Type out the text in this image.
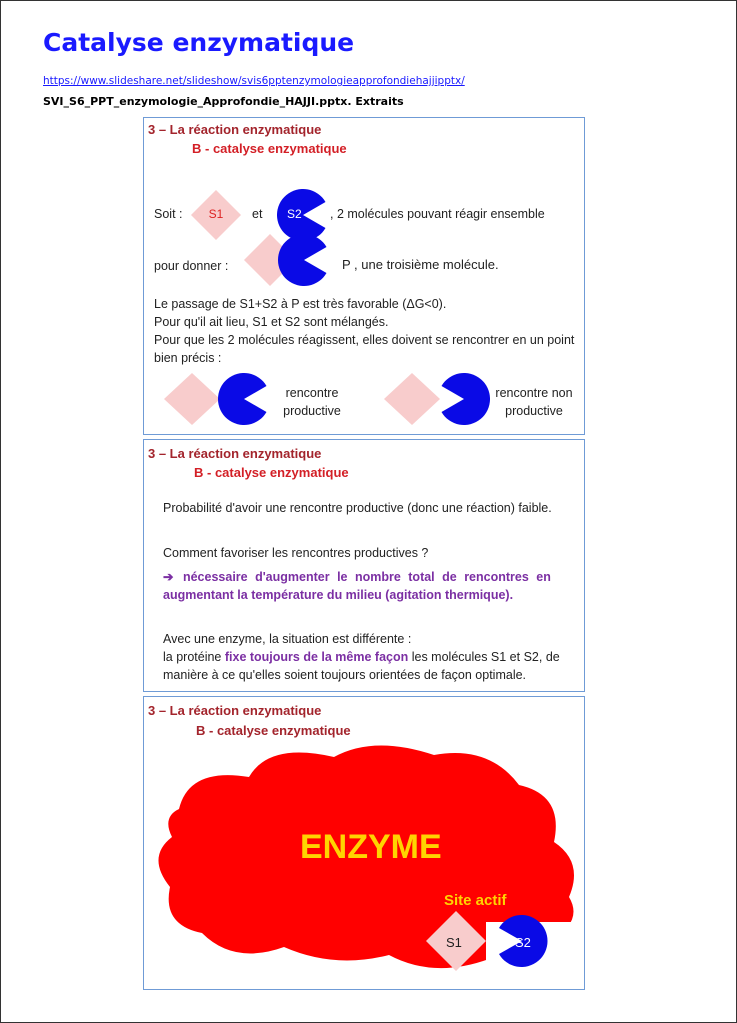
Catalyse enzymatique
https://www.slideshare.net/slideshow/svis6pptenzymologieapprofondiehajjipptx/
SVI_S6_PPT_enzymologie_Approfondie_HAJJI.pptx. Extraits
3 – La réaction enzymatique
B - catalyse enzymatique
Soit :	S1	et S2 , 2 molécules pouvant réagir ensemble
pour donner :	P , une troisième molécule.
Le passage de S1+S2 à P est très favorable (ΔG<0).
Pour qu'il ait lieu, S1 et S2 sont mélangés.
Pour que les 2 molécules réagissent, elles doivent se rencontrer en un point
bien précis :
rencontre
productive
rencontre non
productive
3 – La réaction enzymatique
B - catalyse enzymatique
Probabilité d'avoir une rencontre productive (donc une réaction) faible.
Comment favoriser les rencontres productives ?
➔ nécessaire d'augmenter le nombre total de rencontres en
augmentant la température du milieu (agitation thermique).
Avec une enzyme, la situation est différente :
la protéine fixe toujours de la même façon les molécules S1 et S2, de
manière à ce qu'elles soient toujours orientées de façon optimale.
3 – La réaction enzymatique
B - catalyse enzymatique
ENZYME
Site actif
S1	S2
